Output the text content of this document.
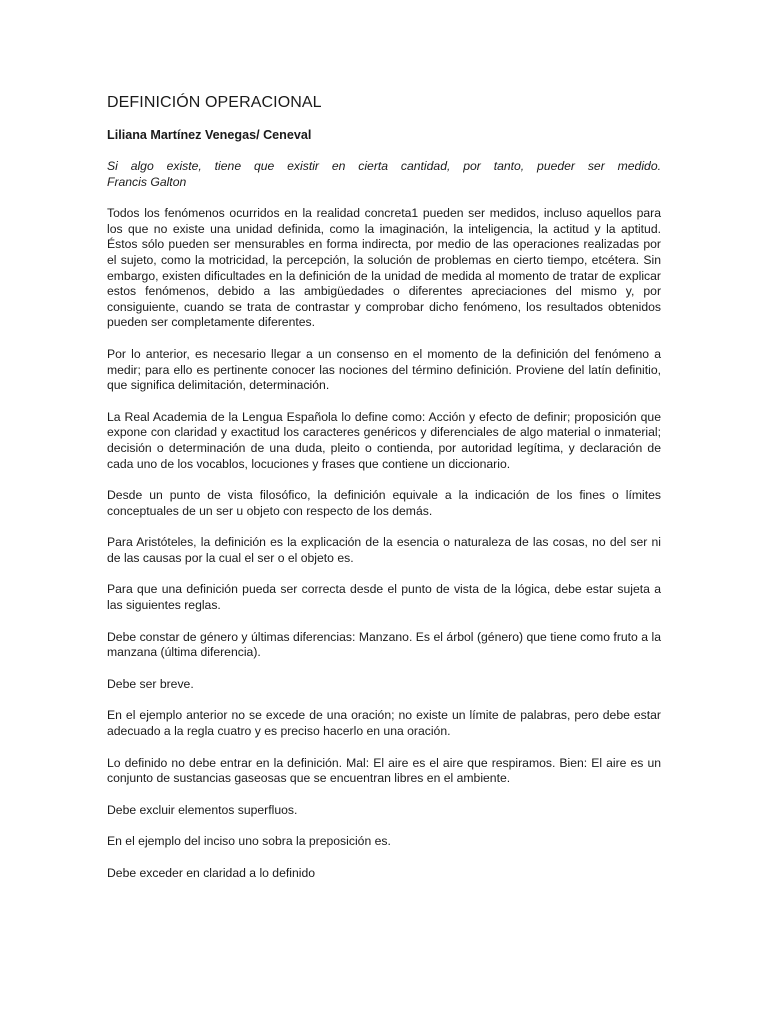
DEFINICIÓN OPERACIONAL
Liliana Martínez Venegas/ Ceneval

Si algo existe, tiene que existir en cierta cantidad, por tanto, pueder ser medido.

Francis Galton

Todos los fenómenos ocurridos en la realidad concreta1 pueden ser medidos, incluso aquellos para los que no existe una unidad definida, como la imaginación, la inteligencia, la actitud y la aptitud. Éstos sólo pueden ser mensurables en forma indirecta, por medio de las operaciones realizadas por el sujeto, como la motricidad, la percepción, la solución de problemas en cierto tiempo, etcétera. Sin embargo, existen dificultades en la definición de la unidad de medida al momento de tratar de explicar estos fenómenos, debido a las ambigüedades o diferentes apreciaciones del mismo y, por consiguiente, cuando se trata de contrastar y comprobar dicho fenómeno, los resultados obtenidos pueden ser completamente diferentes.

Por lo anterior, es necesario llegar a un consenso en el momento de la definición del fenómeno a medir; para ello es pertinente conocer las nociones del término definición. Proviene del latín definitio, que significa delimitación, determinación.

La Real Academia de la Lengua Española lo define como: Acción y efecto de definir; proposición que expone con claridad y exactitud los caracteres genéricos y diferenciales de algo material o inmaterial; decisión o determinación de una duda, pleito o contienda, por autoridad legítima, y declaración de cada uno de los vocablos, locuciones y frases que contiene un diccionario.

Desde un punto de vista filosófico, la definición equivale a la indicación de los fines o límites conceptuales de un ser u objeto con respecto de los demás.

Para Aristóteles, la definición es la explicación de la esencia o naturaleza de las cosas, no del ser ni de las causas por la cual el ser o el objeto es.

Para que una definición pueda ser correcta desde el punto de vista de la lógica, debe estar sujeta a las siguientes reglas.

Debe constar de género y últimas diferencias: Manzano. Es el árbol (género) que tiene como fruto a la manzana (última diferencia).

Debe ser breve.

En el ejemplo anterior no se excede de una oración; no existe un límite de palabras, pero debe estar adecuado a la regla cuatro y es preciso hacerlo en una oración.

Lo definido no debe entrar en la definición. Mal: El aire es el aire que respiramos. Bien: El aire es un conjunto de sustancias gaseosas que se encuentran libres en el ambiente.

Debe excluir elementos superfluos.

En el ejemplo del inciso uno sobra la preposición es.

Debe exceder en claridad a lo definido
